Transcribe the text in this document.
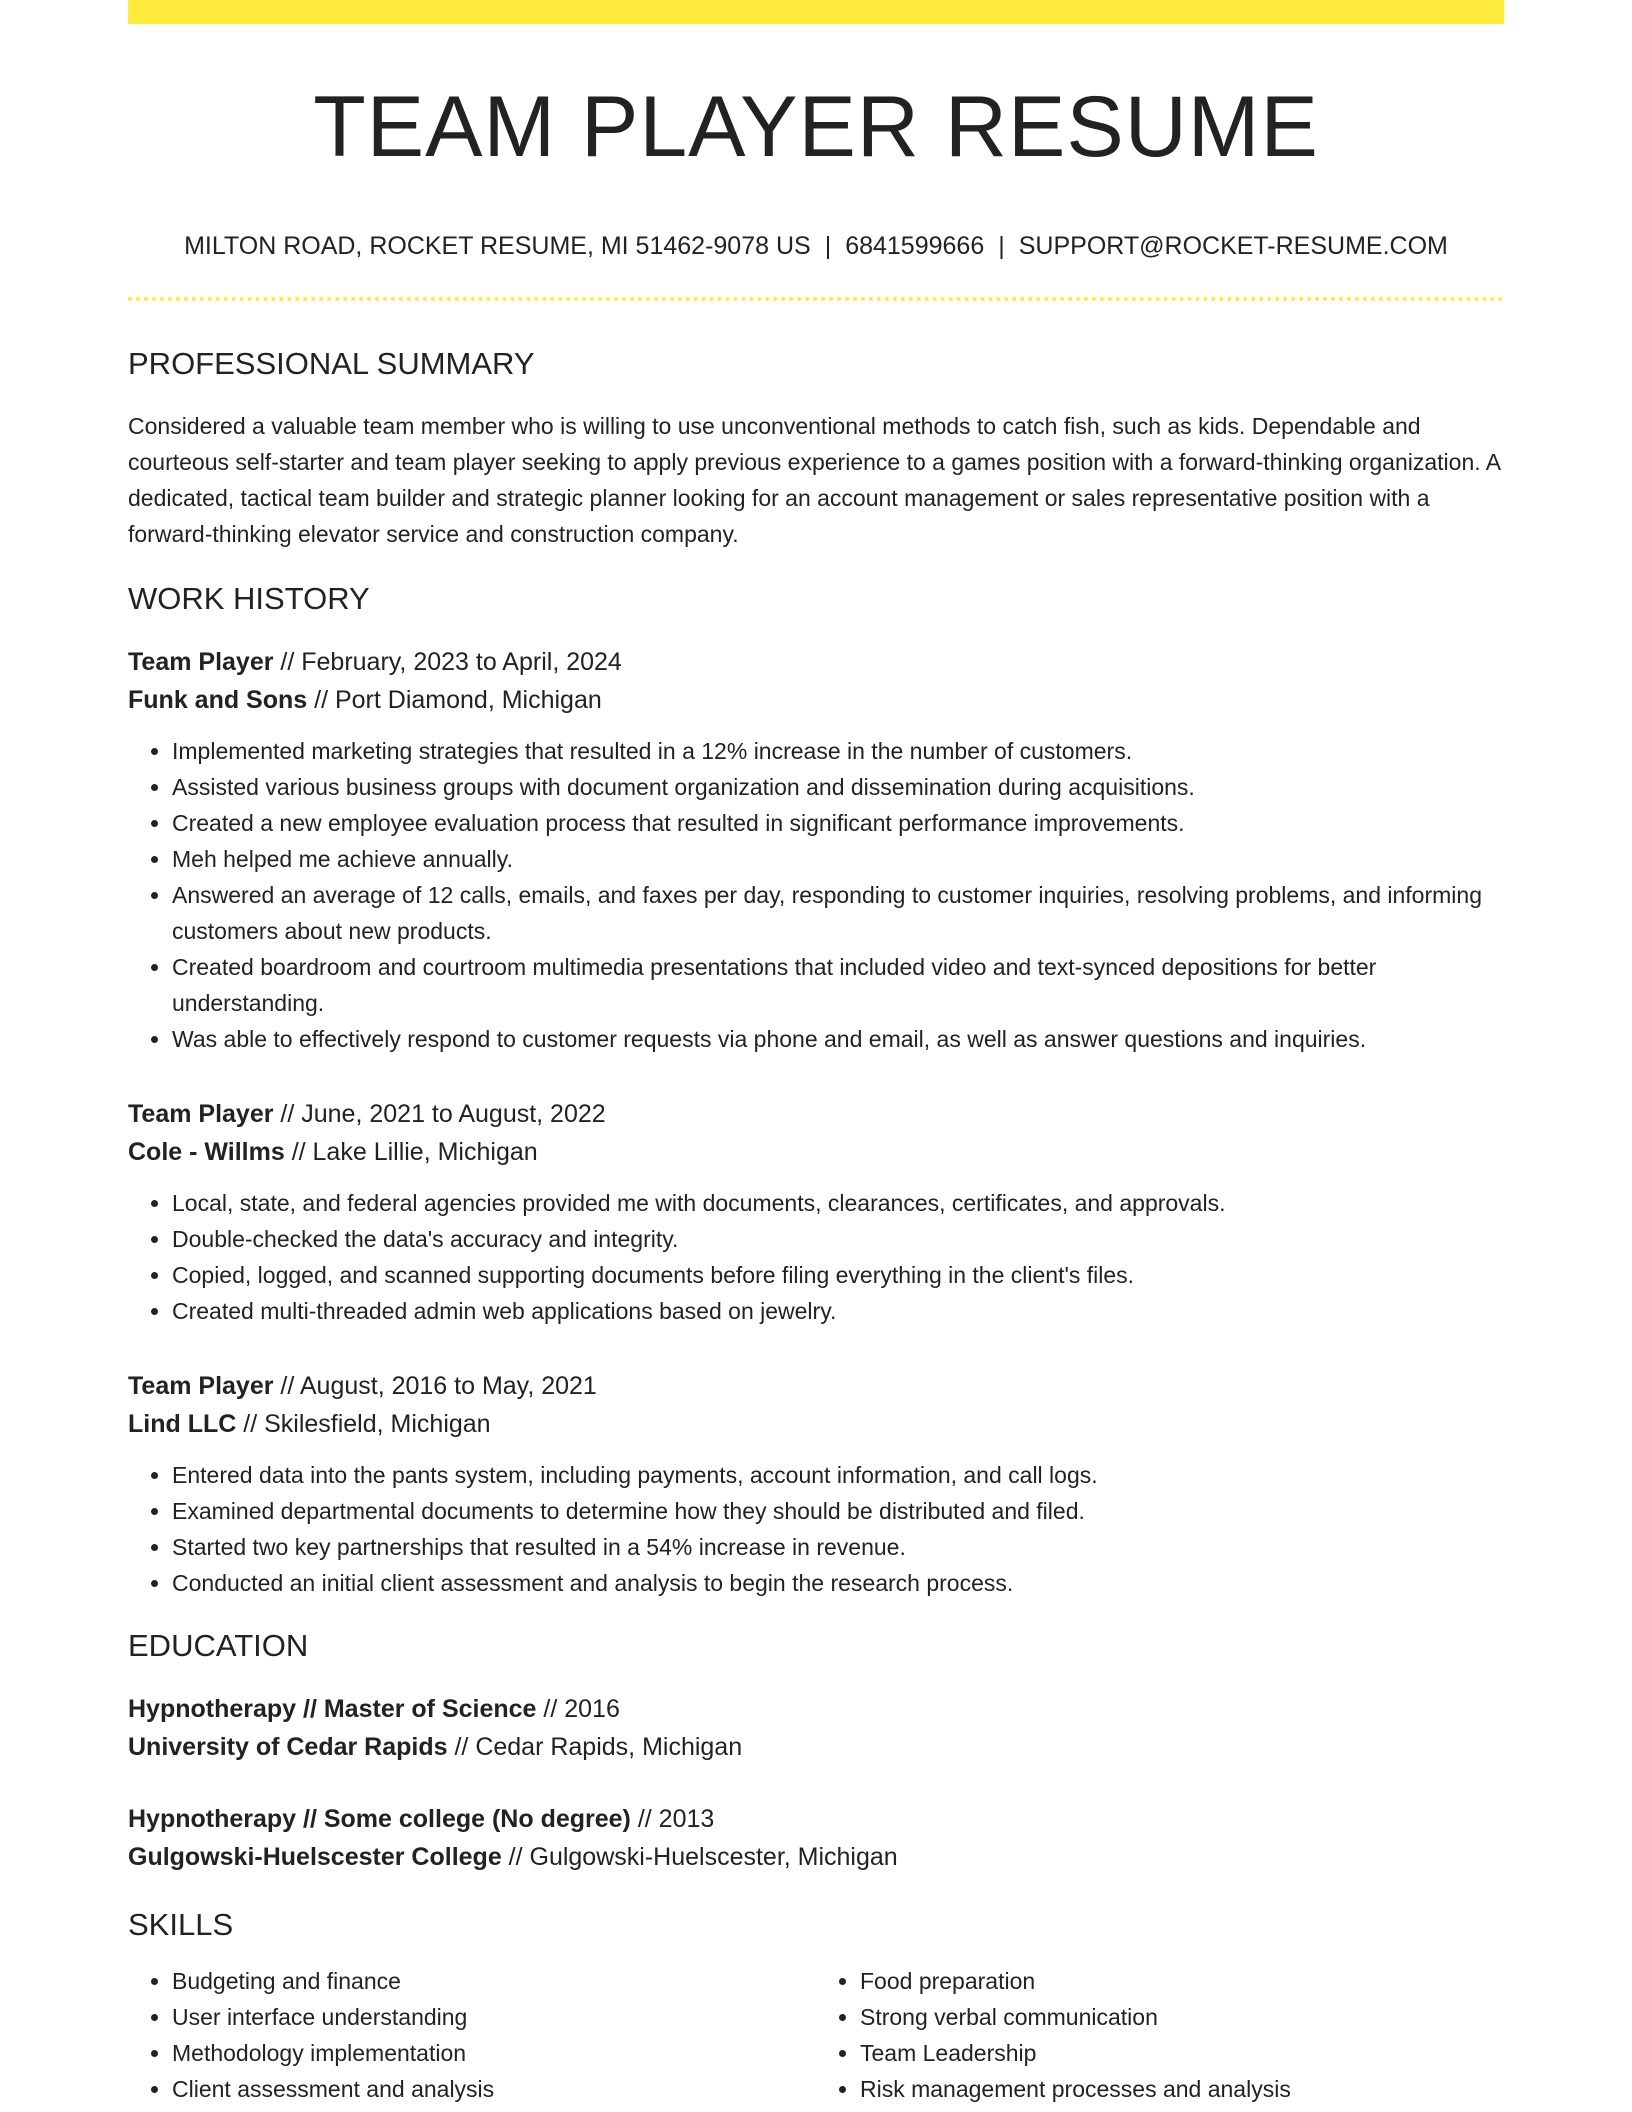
TEAM PLAYER RESUME
MILTON ROAD, ROCKET RESUME, MI 51462-9078 US | 6841599666 | SUPPORT@ROCKET-RESUME.COM
PROFESSIONAL SUMMARY

Considered a valuable team member who is willing to use unconventional methods to catch fish, such as kids. Dependable and courteous self-starter and team player seeking to apply previous experience to a games position with a forward-thinking organization. A dedicated, tactical team builder and strategic planner looking for an account management or sales representative position with a forward-thinking elevator service and construction company.

WORK HISTORY
Team Player // February, 2023 to April, 2024
Funk and Sons // Port Diamond, Michigan
• Implemented marketing strategies that resulted in a 12% increase in the number of customers.
• Assisted various business groups with document organization and dissemination during acquisitions.
• Created a new employee evaluation process that resulted in significant performance improvements.
• Meh helped me achieve annually.
• Answered an average of 12 calls, emails, and faxes per day, responding to customer inquiries, resolving problems, and informing customers about new products.
• Created boardroom and courtroom multimedia presentations that included video and text-synced depositions for better understanding.
• Was able to effectively respond to customer requests via phone and email, as well as answer questions and inquiries.
Team Player // June, 2021 to August, 2022
Cole - Willms // Lake Lillie, Michigan
• Local, state, and federal agencies provided me with documents, clearances, certificates, and approvals.
• Double-checked the data's accuracy and integrity.
• Copied, logged, and scanned supporting documents before filing everything in the client's files.
• Created multi-threaded admin web applications based on jewelry.
Team Player // August, 2016 to May, 2021
Lind LLC // Skilesfield, Michigan
• Entered data into the pants system, including payments, account information, and call logs.
• Examined departmental documents to determine how they should be distributed and filed.
• Started two key partnerships that resulted in a 54% increase in revenue.
• Conducted an initial client assessment and analysis to begin the research process.
EDUCATION
Hypnotherapy // Master of Science // 2016
University of Cedar Rapids // Cedar Rapids, Michigan
Hypnotherapy // Some college (No degree) // 2013
Gulgowski-Huelscester College // Gulgowski-Huelscester, Michigan
SKILLS
• Budgeting and finance
• User interface understanding
• Methodology implementation
• Client assessment and analysis
• Food preparation
• Strong verbal communication
• Team Leadership
• Risk management processes and analysis
